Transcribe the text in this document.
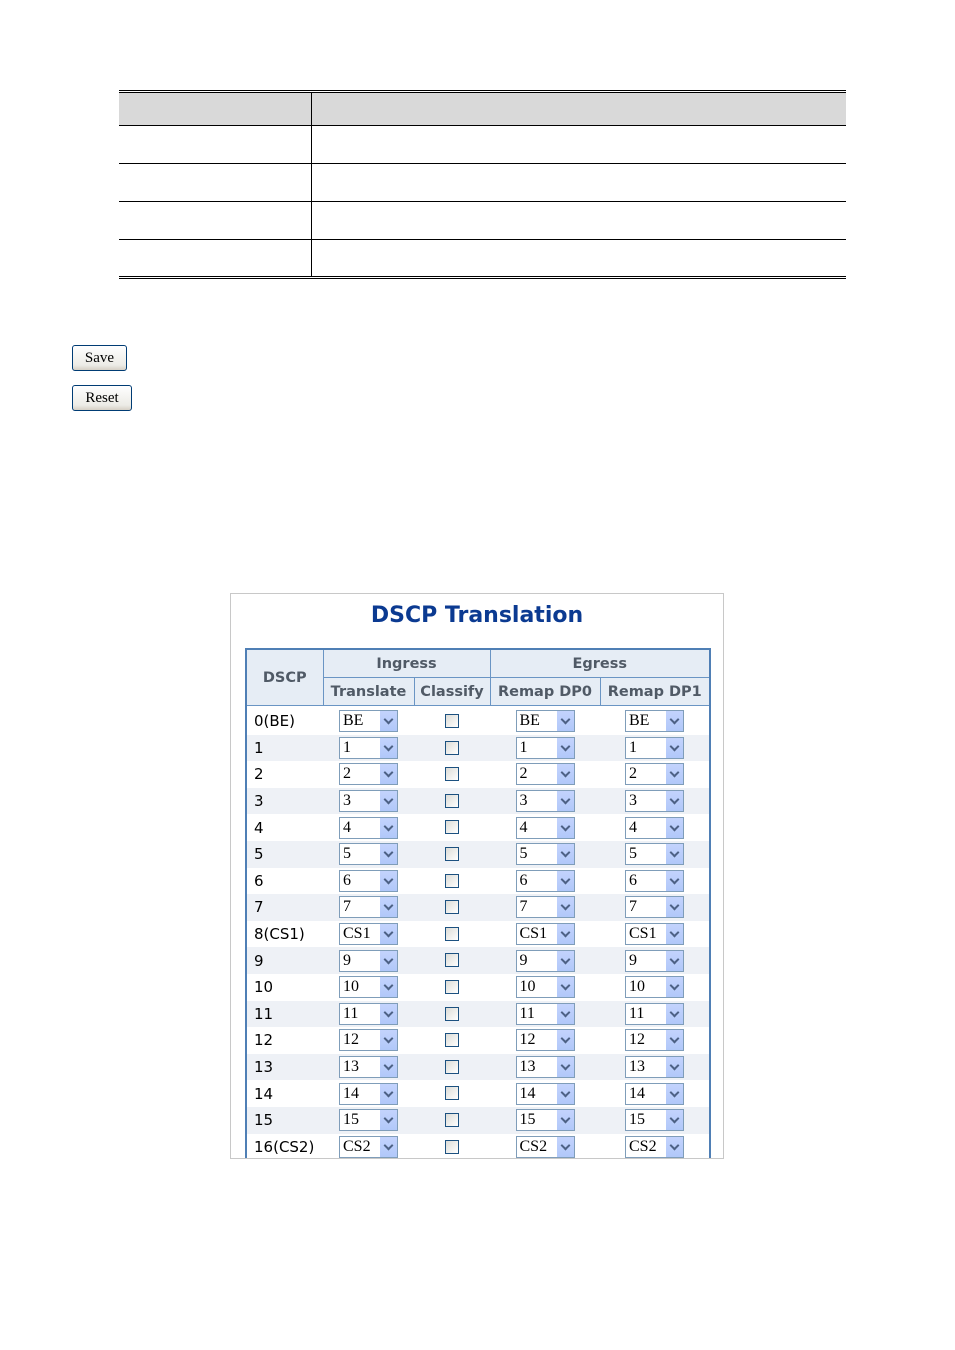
Save
Reset
DSCP Translation
DSCP	Ingress		Egress	
	Translate	Classify	Remap DP0	Remap DP1
0(BE)	BE		BE	BE

1	1		1	1

2	2		2	2

3	3		3	3

4	4		4	4

5	5		5	5

6	6		6	6

7	7		7	7

8(CS1)	CS1		CS1	CS1

9	9		9	9

10	10		10	10

11	11		11	11

12	12		12	12

13	13		13	13

14	14		14	14

15	15		15	15

16(CS2)	CS2		CS2	CS2
